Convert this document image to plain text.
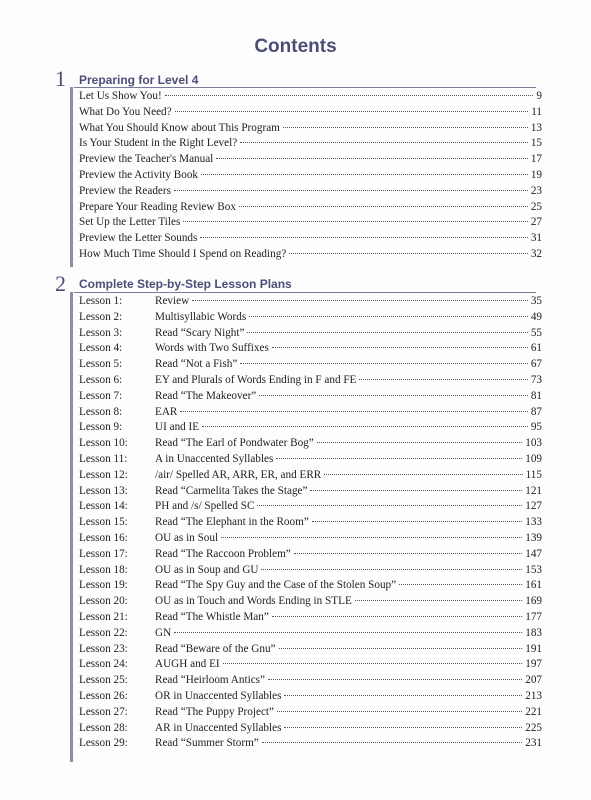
Contents
1 Preparing for Level 4
Let Us Show You!	9
What Do You Need?	11
What You Should Know about This Program	13
Is Your Student in the Right Level?	15
Preview the Teacher's Manual	17
Preview the Activity Book	19
Preview the Readers	23
Prepare Your Reading Review Box	25
Set Up the Letter Tiles	27
Preview the Letter Sounds	31
How Much Time Should I Spend on Reading?	32
2 Complete Step-by-Step Lesson Plans
Lesson 1:	Review	35
Lesson 2:	Multisyllabic Words	49
Lesson 3:	Read “Scary Night”	55
Lesson 4:	Words with Two Suffixes	61
Lesson 5:	Read “Not a Fish”	67
Lesson 6:	EY and Plurals of Words Ending in F and FE	73
Lesson 7:	Read “The Makeover”	81
Lesson 8:	EAR	87
Lesson 9:	UI and IE	95
Lesson 10:	Read “The Earl of Pondwater Bog”	103
Lesson 11:	A in Unaccented Syllables	109
Lesson 12:	/air/ Spelled AR, ARR, ER, and ERR	115
Lesson 13:	Read “Carmelita Takes the Stage”	121
Lesson 14:	PH and /s/ Spelled SC	127
Lesson 15:	Read “The Elephant in the Room”	133
Lesson 16:	OU as in Soul	139
Lesson 17:	Read “The Raccoon Problem”	147
Lesson 18:	OU as in Soup and GU	153
Lesson 19:	Read “The Spy Guy and the Case of the Stolen Soup”	161
Lesson 20:	OU as in Touch and Words Ending in STLE	169
Lesson 21:	Read “The Whistle Man”	177
Lesson 22:	GN	183
Lesson 23:	Read “Beware of the Gnu”	191
Lesson 24:	AUGH and EI	197
Lesson 25:	Read “Heirloom Antics”	207
Lesson 26:	OR in Unaccented Syllables	213
Lesson 27:	Read “The Puppy Project”	221
Lesson 28:	AR in Unaccented Syllables	225
Lesson 29:	Read “Summer Storm”	231
